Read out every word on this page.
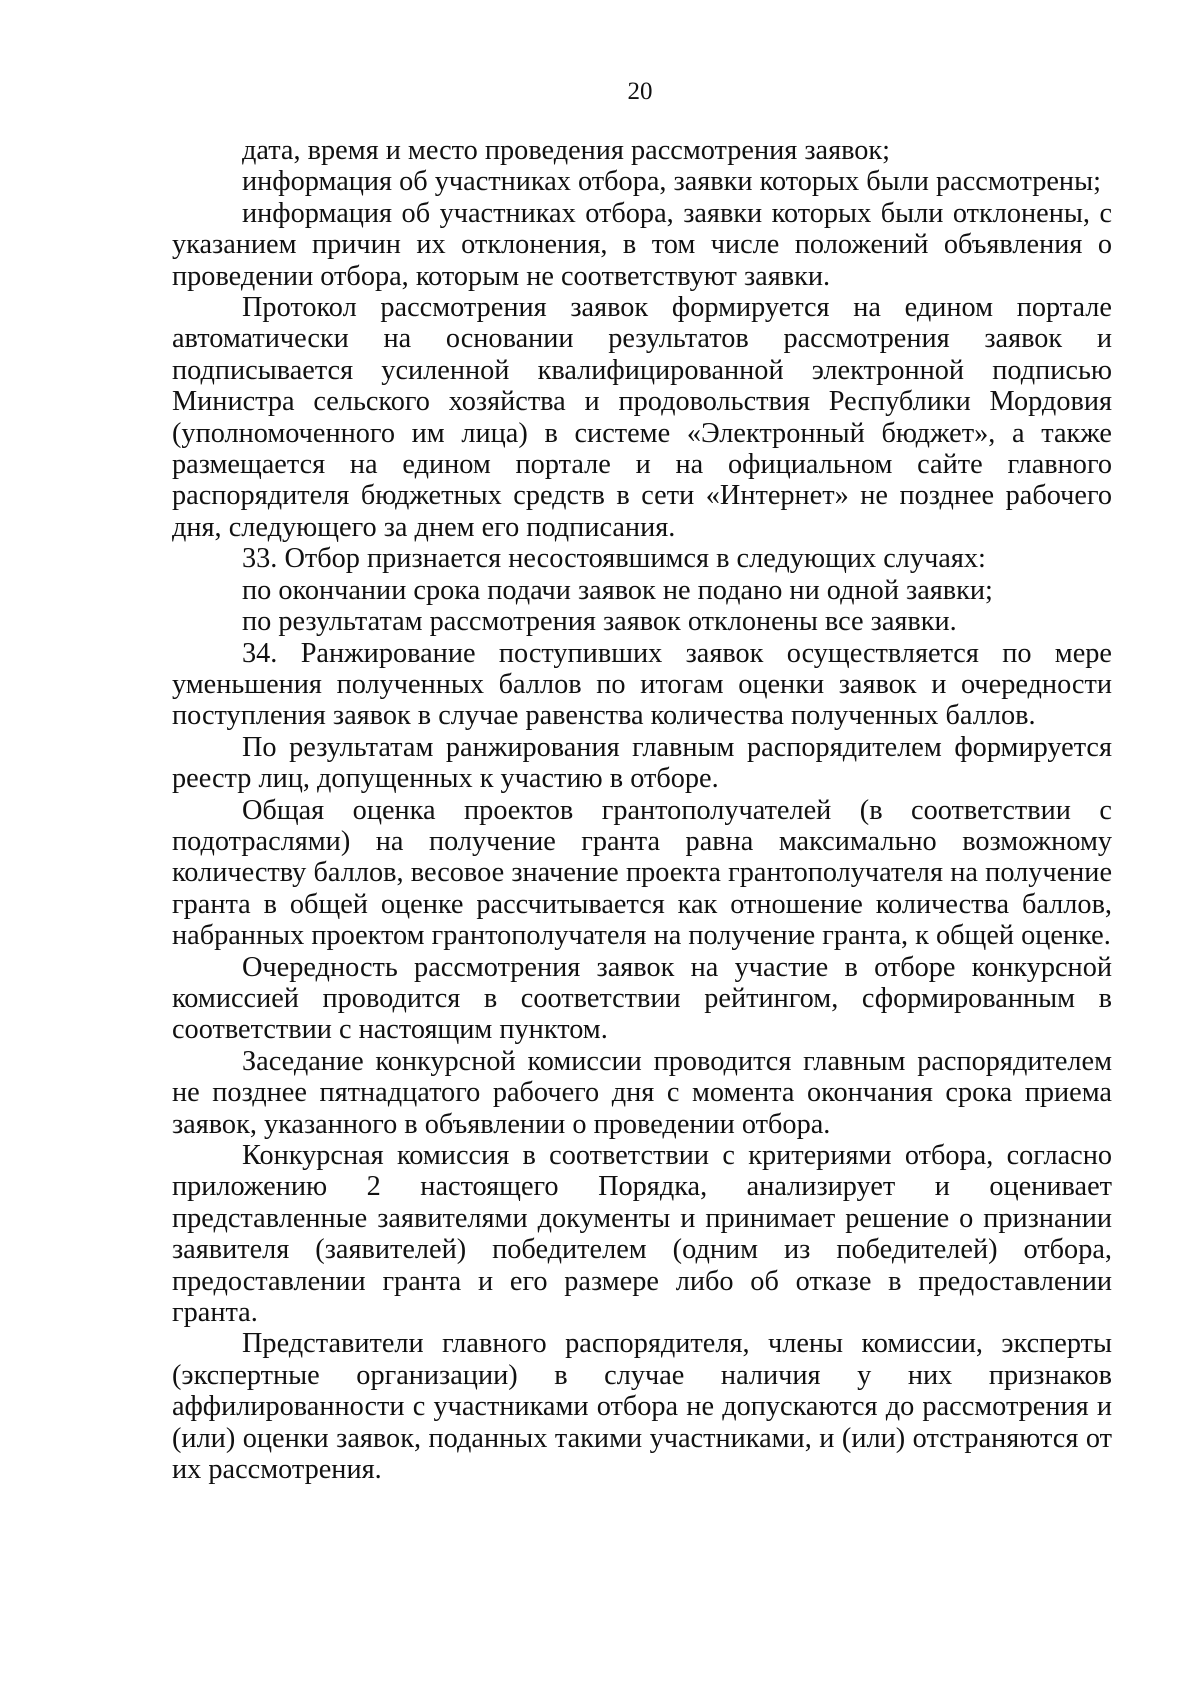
20

дата, время и место проведения рассмотрения заявок;

информация об участниках отбора, заявки которых были рассмотрены;

информация об участниках отбора, заявки которых были отклонены, с указанием причин их отклонения, в том числе положений объявления о проведении отбора, которым не соответствуют заявки.

Протокол рассмотрения заявок формируется на едином портале автоматически на основании результатов рассмотрения заявок и подписывается усиленной квалифицированной электронной подписью Министра сельского хозяйства и продовольствия Республики Мордовия (уполномоченного им лица) в системе «Электронный бюджет», а также размещается на едином портале и на официальном сайте главного распорядителя бюджетных средств в сети «Интернет» не позднее рабочего дня, следующего за днем его подписания.

33. Отбор признается несостоявшимся в следующих случаях:

по окончании срока подачи заявок не подано ни одной заявки;

по результатам рассмотрения заявок отклонены все заявки.

34. Ранжирование поступивших заявок осуществляется по мере уменьшения полученных баллов по итогам оценки заявок и очередности поступления заявок в случае равенства количества полученных баллов.

По результатам ранжирования главным распорядителем формируется реестр лиц, допущенных к участию в отборе.

Общая оценка проектов грантополучателей (в соответствии с подотраслями) на получение гранта равна максимально возможному количеству баллов, весовое значение проекта грантополучателя на получение гранта в общей оценке рассчитывается как отношение количества баллов, набранных проектом грантополучателя на получение гранта, к общей оценке.

Очередность рассмотрения заявок на участие в отборе конкурсной комиссией проводится в соответствии рейтингом, сформированным в соответствии с настоящим пунктом.

Заседание конкурсной комиссии проводится главным распорядителем не позднее пятнадцатого рабочего дня с момента окончания срока приема заявок, указанного в объявлении о проведении отбора.

Конкурсная комиссия в соответствии с критериями отбора, согласно приложению 2 настоящего Порядка, анализирует и оценивает представленные заявителями документы и принимает решение о признании заявителя (заявителей) победителем (одним из победителей) отбора, предоставлении гранта и его размере либо об отказе в предоставлении гранта.

Представители главного распорядителя, члены комиссии, эксперты (экспертные организации) в случае наличия у них признаков аффилированности с участниками отбора не допускаются до рассмотрения и (или) оценки заявок, поданных такими участниками, и (или) отстраняются от их рассмотрения.
